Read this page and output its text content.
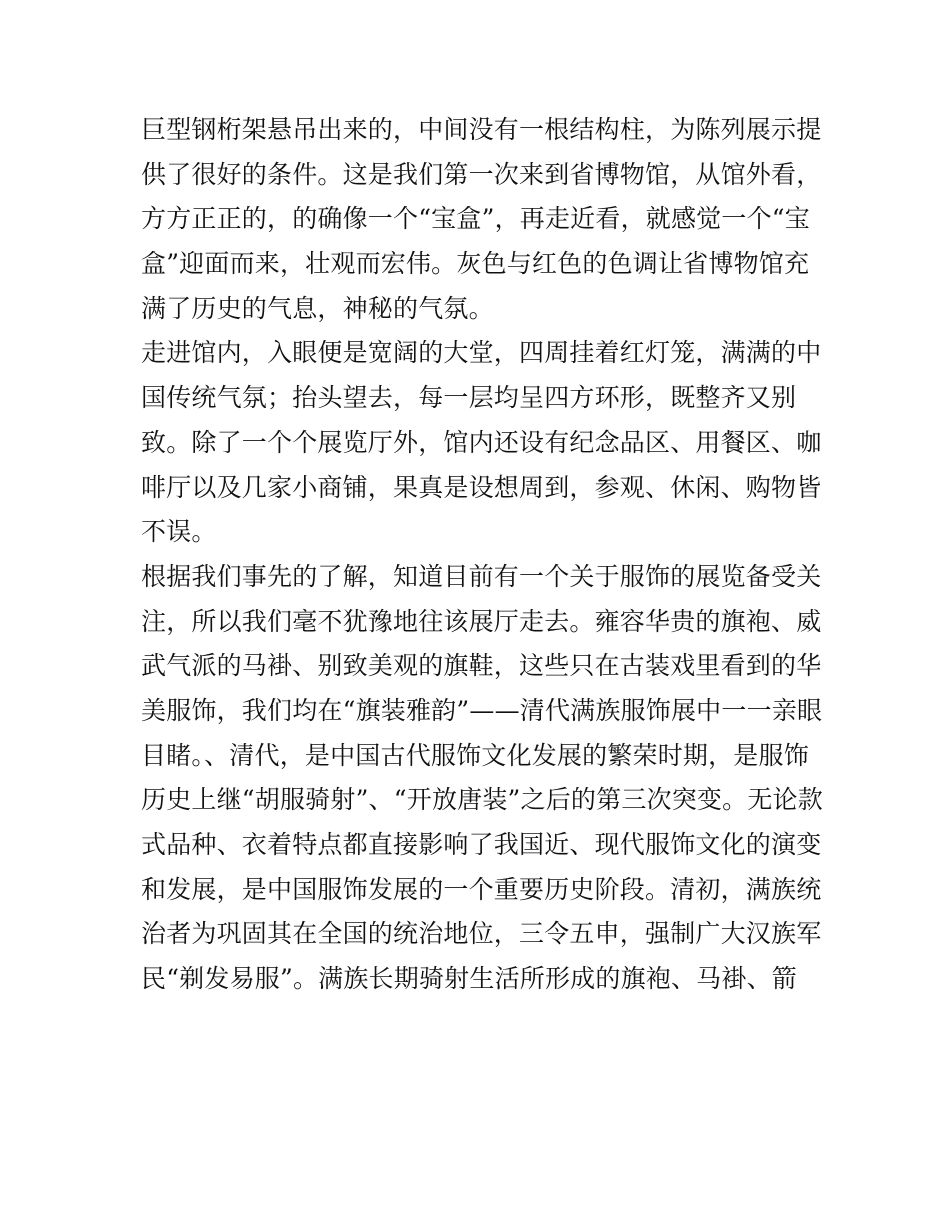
巨型钢桁架悬吊出来的，中间没有一根结构柱，为陈列展示提
供了很好的条件。这是我们第一次来到省博物馆，从馆外看，
方方正正的，的确像一个“宝盒”，再走近看，就感觉一个“宝
盒”迎面而来，壮观而宏伟。灰色与红色的色调让省博物馆充
满了历史的气息，神秘的气氛。
走进馆内，入眼便是宽阔的大堂，四周挂着红灯笼，满满的中
国传统气氛；抬头望去，每一层均呈四方环形，既整齐又别
致。除了一个个展览厅外，馆内还设有纪念品区、用餐区、咖
啡厅以及几家小商铺，果真是设想周到，参观、休闲、购物皆
不误。
根据我们事先的了解，知道目前有一个关于服饰的展览备受关
注，所以我们毫不犹豫地往该展厅走去。雍容华贵的旗袍、威
武气派的马褂、别致美观的旗鞋，这些只在古装戏里看到的华
美服饰，我们均在“旗装雅韵”——清代满族服饰展中一一亲眼
目睹。、清代，是中国古代服饰文化发展的繁荣时期，是服饰
历史上继“胡服骑射”、“开放唐装”之后的第三次突变。无论款
式品种、衣着特点都直接影响了我国近、现代服饰文化的演变
和发展，是中国服饰发展的一个重要历史阶段。清初，满族统
治者为巩固其在全国的统治地位，三令五申，强制广大汉族军
民“剃发易服”。满族长期骑射生活所形成的旗袍、马褂、箭
